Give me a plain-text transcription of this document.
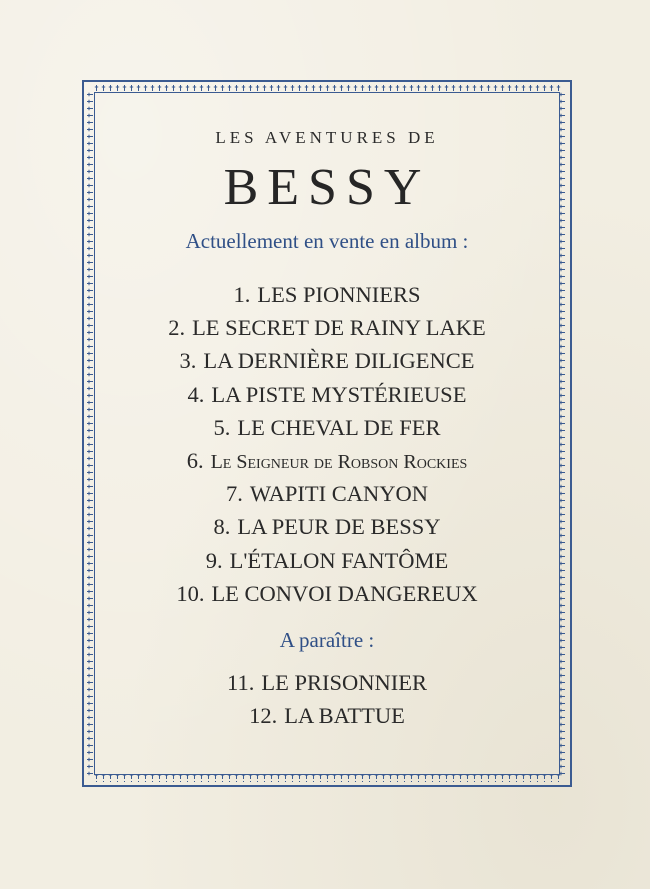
LES AVENTURES DE

BESSY

Actuellement en vente en album :

1. LES PIONNIERS
2. LE SECRET DE RAINY LAKE
3. LA DERNIÈRE DILIGENCE
4. LA PISTE MYSTÉRIEUSE
5. LE CHEVAL DE FER
6. Le Seigneur de Robson Rockies
7. WAPITI CANYON
8. LA PEUR DE BESSY
9. L'ÉTALON FANTÔME
10. LE CONVOI DANGEREUX

A paraître :

11. LE PRISONNIER
12. LA BATTUE
